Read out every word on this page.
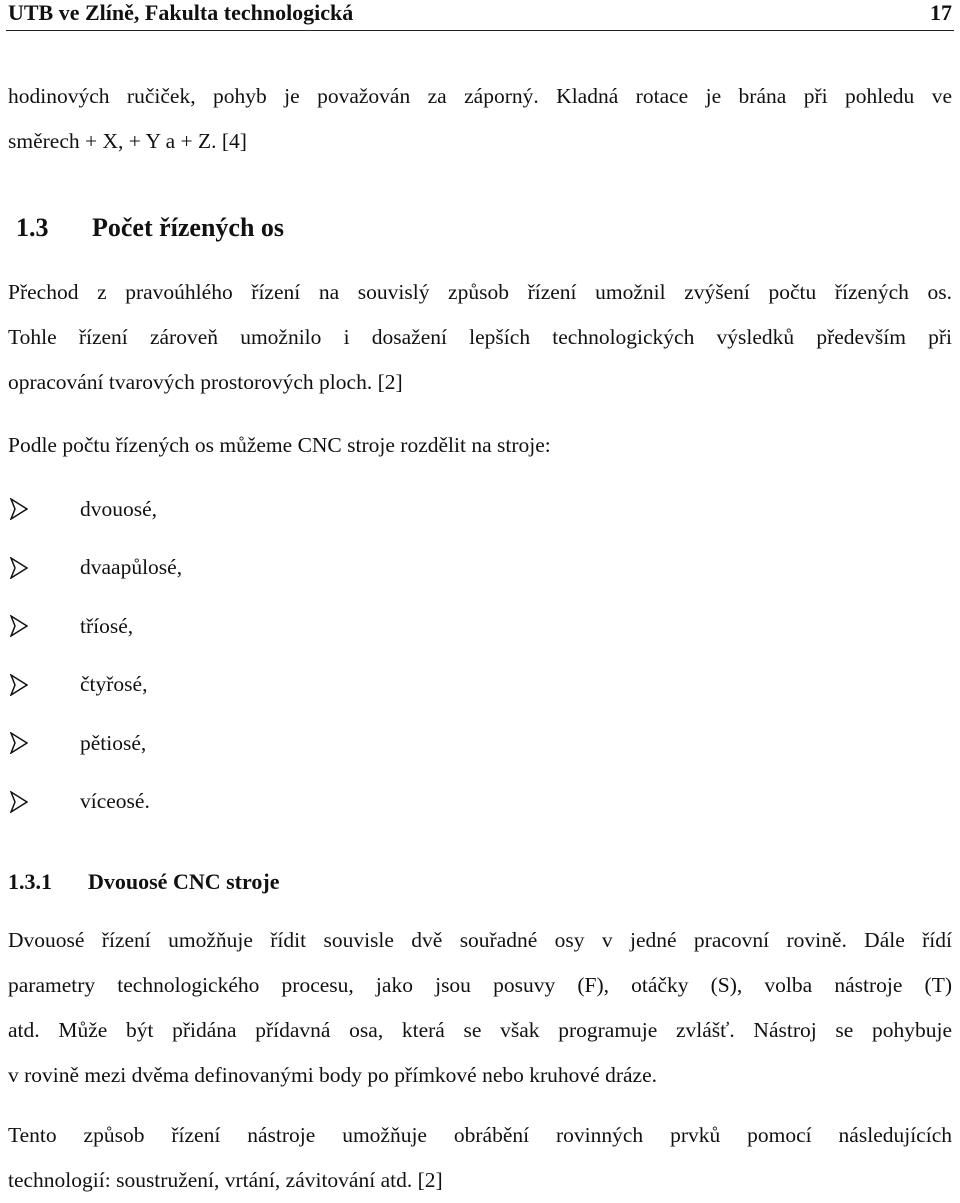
UTB ve Zlíně, Fakulta technologická	17
hodinových ručiček, pohyb je považován za záporný. Kladná rotace je brána při pohledu ve
směrech + X, + Y a + Z. [4]
1.3 Počet řízených os
Přechod z pravoúhlého řízení na souvislý způsob řízení umožnil zvýšení počtu řízených os.
Tohle řízení zároveň umožnilo i dosažení lepších technologických výsledků především při
opracování tvarových prostorových ploch. [2]
Podle počtu řízených os můžeme CNC stroje rozdělit na stroje:
dvouosé,
dvaapůlosé,
tříosé,
čtyřosé,
pětiosé,
víceosé.
1.3.1 Dvouosé CNC stroje
Dvouosé řízení umožňuje řídit souvisle dvě souřadné osy v jedné pracovní rovině. Dále řídí
parametry technologického procesu, jako jsou posuvy (F), otáčky (S), volba nástroje (T)
atd. Může být přidána přídavná osa, která se však programuje zvlášť. Nástroj se pohybuje
v rovině mezi dvěma definovanými body po přímkové nebo kruhové dráze.
Tento způsob řízení nástroje umožňuje obrábění rovinných prvků pomocí následujících
technologií: soustružení, vrtání, závitování atd. [2]
